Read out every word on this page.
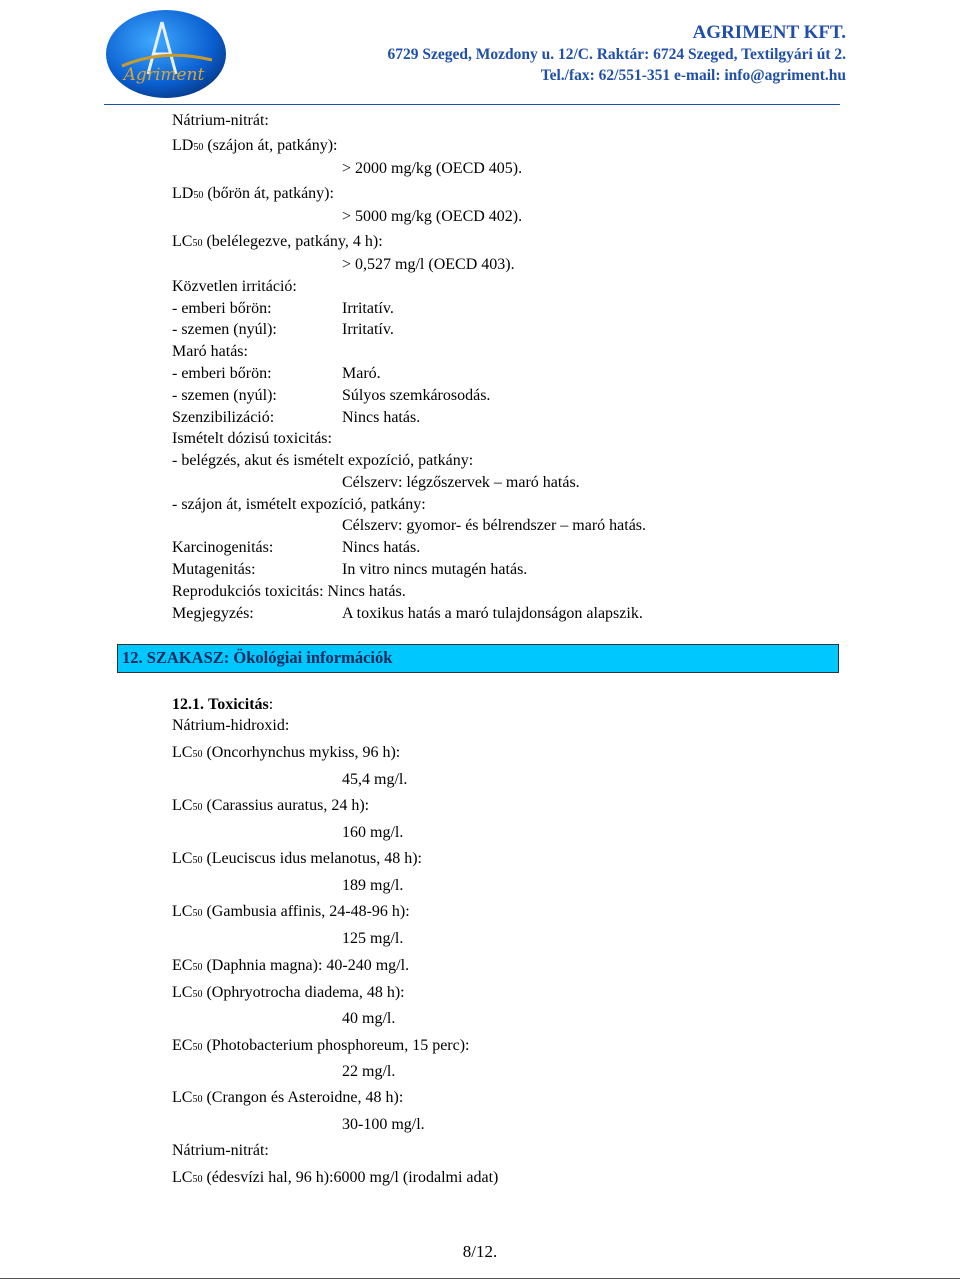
Agriment
AGRIMENT KFT.
6729 Szeged, Mozdony u. 12/C. Raktár: 6724 Szeged, Textilgyári út 2.
Tel./fax: 62/551-351 e-mail: info@agriment.hu
Nátrium-nitrát:
LD50 (szájon át, patkány):
> 2000 mg/kg (OECD 405).
LD50 (bőrön át, patkány):
> 5000 mg/kg (OECD 402).
LC50 (belélegezve, patkány, 4 h):
> 0,527 mg/l (OECD 403).
Közvetlen irritáció:
- emberi bőrön:	Irritatív.
- szemen (nyúl):	Irritatív.
Maró hatás:
- emberi bőrön:	Maró.
- szemen (nyúl):	Súlyos szemkárosodás.
Szenzibilizáció:	Nincs hatás.
Ismételt dózisú toxicitás:
- belégzés, akut és ismételt expozíció, patkány:
Célszerv: légzőszervek – maró hatás.
- szájon át, ismételt expozíció, patkány:
Célszerv: gyomor- és bélrendszer – maró hatás.
Karcinogenitás:	Nincs hatás.
Mutagenitás:	In vitro nincs mutagén hatás.
Reprodukciós toxicitás: Nincs hatás.
Megjegyzés:	A toxikus hatás a maró tulajdonságon alapszik.
12. SZAKASZ: Ökológiai információk
12.1. Toxicitás:
Nátrium-hidroxid:
LC50 (Oncorhynchus mykiss, 96 h):
45,4 mg/l.
LC50 (Carassius auratus, 24 h):
160 mg/l.
LC50 (Leuciscus idus melanotus, 48 h):
189 mg/l.
LC50 (Gambusia affinis, 24-48-96 h):
125 mg/l.
EC50 (Daphnia magna): 40-240 mg/l.
LC50 (Ophryotrocha diadema, 48 h):
40 mg/l.
EC50 (Photobacterium phosphoreum, 15 perc):
22 mg/l.
LC50 (Crangon és Asteroidne, 48 h):
30-100 mg/l.
Nátrium-nitrát:
LC50 (édesvízi hal, 96 h):6000 mg/l (irodalmi adat)
8/12.
